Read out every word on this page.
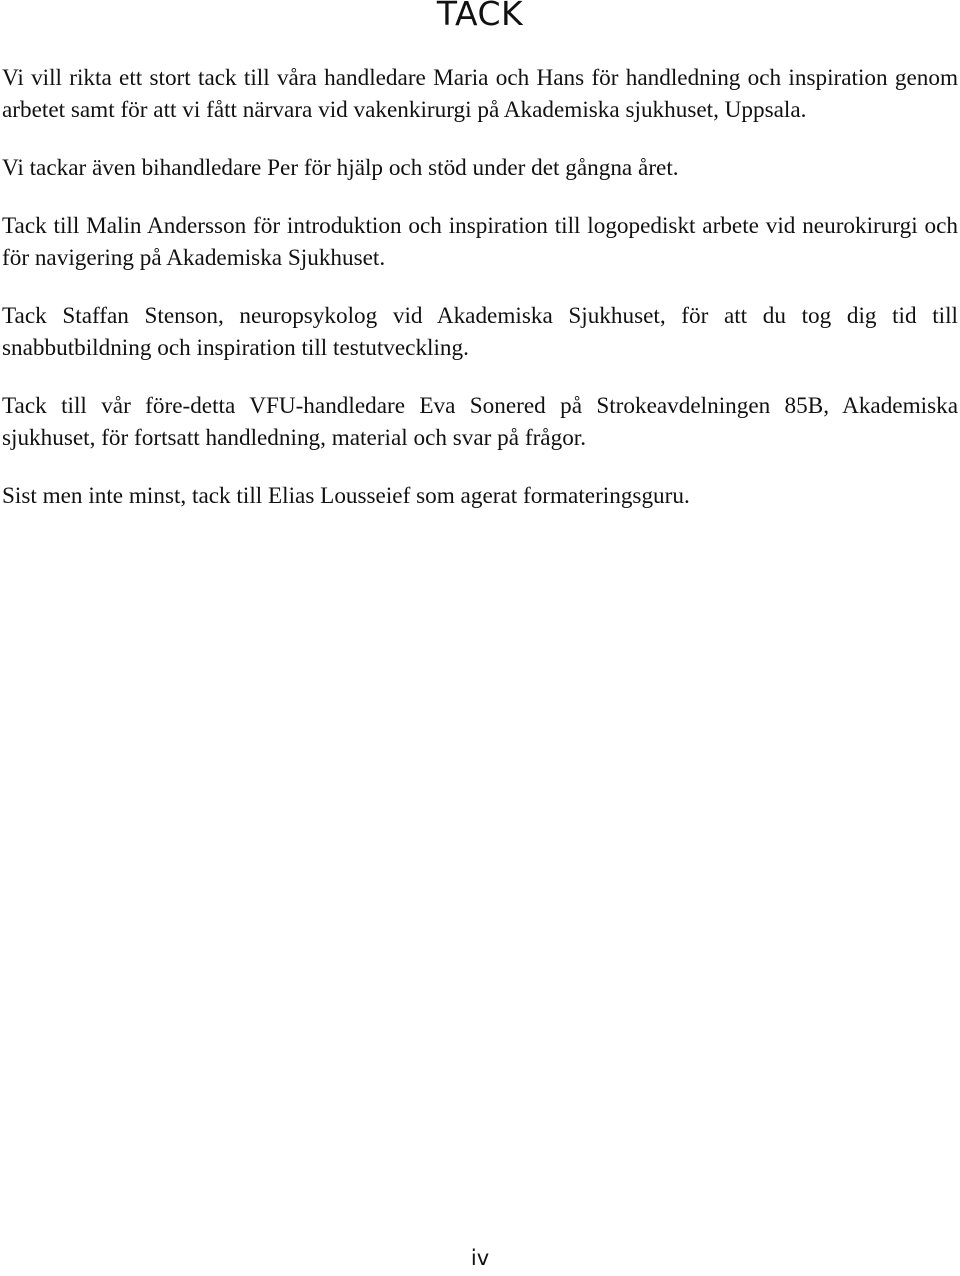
TACK

Vi vill rikta ett stort tack till våra handledare Maria och Hans för handledning och inspiration genom arbetet samt för att vi fått närvara vid vakenkirurgi på Akademiska sjukhuset, Uppsala.

Vi tackar även bihandledare Per för hjälp och stöd under det gångna året.

Tack till Malin Andersson för introduktion och inspiration till logopediskt arbete vid neurokirurgi och för navigering på Akademiska Sjukhuset.

Tack Staffan Stenson, neuropsykolog vid Akademiska Sjukhuset, för att du tog dig tid till snabbutbildning och inspiration till testutveckling.

Tack till vår före-detta VFU-handledare Eva Sonered på Strokeavdelningen 85B, Akademiska sjukhuset, för fortsatt handledning, material och svar på frågor.

Sist men inte minst, tack till Elias Lousseief som agerat formateringsguru.

iv
